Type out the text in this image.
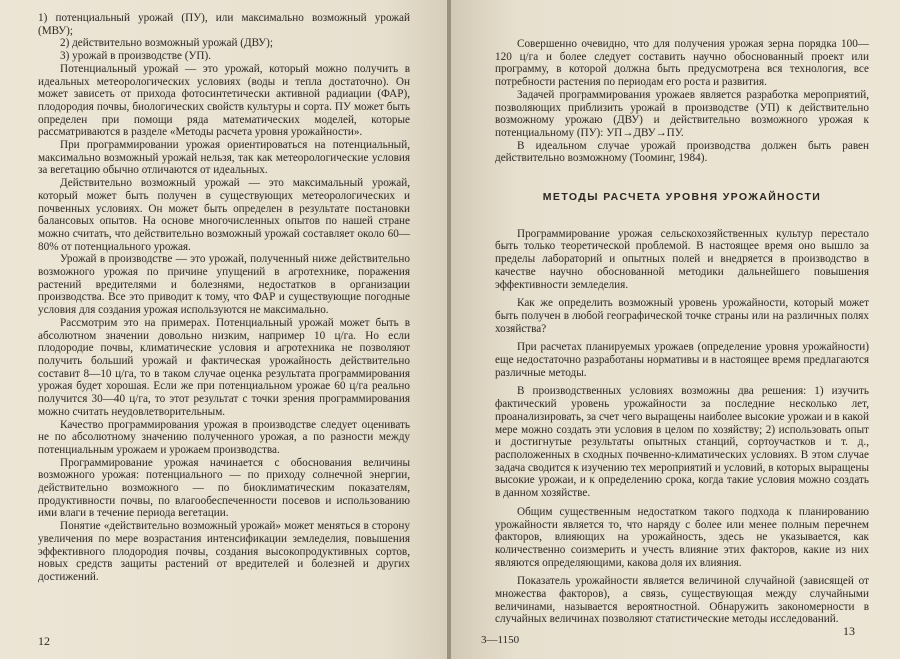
1) потенциальный урожай (ПУ), или максимально возможный урожай (МВУ);

2) действительно возможный урожай (ДВУ);

3) урожай в производстве (УП).

Потенциальный урожай — это урожай, который можно получить в идеальных метеорологических условиях (воды и тепла достаточно). Он может зависеть от прихода фотосинтетически активной радиации (ФАР), плодородия почвы, биологических свойств культуры и сорта. ПУ может быть определен при помощи ряда математических моделей, которые рассматриваются в разделе «Методы расчета уровня урожайности».

При программировании урожая ориентироваться на потенциальный, максимально возможный урожай нельзя, так как метеорологические условия за вегетацию обычно отличаются от идеальных.

Действительно возможный урожай — это максимальный урожай, который может быть получен в существующих метеорологических и почвенных условиях. Он может быть определен в результате постановки балансовых опытов. На основе многочисленных опытов по нашей стране можно считать, что действительно возможный урожай составляет около 60—80% от потенциального урожая.

Урожай в производстве — это урожай, полученный ниже действительно возможного урожая по причине упущений в агротехнике, поражения растений вредителями и болезнями, недостатков в организации производства. Все это приводит к тому, что ФАР и существующие погодные условия для создания урожая используются не максимально.

Рассмотрим это на примерах. Потенциальный урожай может быть в абсолютном значении довольно низким, например 10 ц/га. Но если плодородие почвы, климатические условия и агротехника не позволяют получить больший урожай и фактическая урожайность действительно составит 8—10 ц/га, то в таком случае оценка результата программирования урожая будет хорошая. Если же при потенциальном урожае 60 ц/га реально получится 30—40 ц/га, то этот результат с точки зрения программирования можно считать неудовлетворительным.

Качество программирования урожая в производстве следует оценивать не по абсолютному значению полученного урожая, а по разности между потенциальным урожаем и урожаем производства.

Программирование урожая начинается с обоснования величины возможного урожая: потенциального — по приходу солнечной энергии, действительно возможного — по биоклиматическим показателям, продуктивности почвы, по влагообеспеченности посевов и использованию ими влаги в течение периода вегетации.

Понятие «действительно возможный урожай» может меняться в сторону увеличения по мере возрастания интенсификации земледелия, повышения эффективного плодородия почвы, создания высокопродуктивных сортов, новых средств защиты растений от вредителей и болезней и других достижений.

12

Совершенно очевидно, что для получения урожая зерна порядка 100—120 ц/га и более следует составить научно обоснованный проект или программу, в которой должна быть предусмотрена вся технология, все потребности растения по периодам его роста и развития.

Задачей программирования урожаев является разработка мероприятий, позволяющих приблизить урожай в производстве (УП) к действительно возможному урожаю (ДВУ) и действительно возможного урожая к потенциальному (ПУ): УП→ДВУ→ПУ.

В идеальном случае урожай производства должен быть равен действительно возможному (Тооминг, 1984).

МЕТОДЫ РАСЧЕТА УРОВНЯ УРОЖАЙНОСТИ

Программирование урожая сельскохозяйственных культур перестало быть только теоретической проблемой. В настоящее время оно вышло за пределы лабораторий и опытных полей и внедряется в производство в качестве научно обоснованной методики дальнейшего повышения эффективности земледелия.

Как же определить возможный уровень урожайности, который может быть получен в любой географической точке страны или на различных полях хозяйства?

При расчетах планируемых урожаев (определение уровня урожайности) еще недостаточно разработаны нормативы и в настоящее время предлагаются различные методы.

В производственных условиях возможны два решения: 1) изучить фактический уровень урожайности за последние несколько лет, проанализировать, за счет чего выращены наиболее высокие урожаи и в какой мере можно создать эти условия в целом по хозяйству; 2) использовать опыт и достигнутые результаты опытных станций, сортоучастков и т. д., расположенных в сходных почвенно-климатических условиях. В этом случае задача сводится к изучению тех мероприятий и условий, в которых выращены высокие урожаи, и к определению срока, когда такие условия можно создать в данном хозяйстве.

Общим существенным недостатком такого подхода к планированию урожайности является то, что наряду с более или менее полным перечнем факторов, влияющих на урожайность, здесь не указывается, как количественно соизмерить и учесть влияние этих факторов, какие из них являются определяющими, какова доля их влияния.

Показатель урожайности является величиной случайной (зависящей от множества факторов), а связь, существующая между случайными величинами, называется вероятностной. Обнаружить закономерности в случайных величинах позволяют статистические методы исследований.

3—1150
13
